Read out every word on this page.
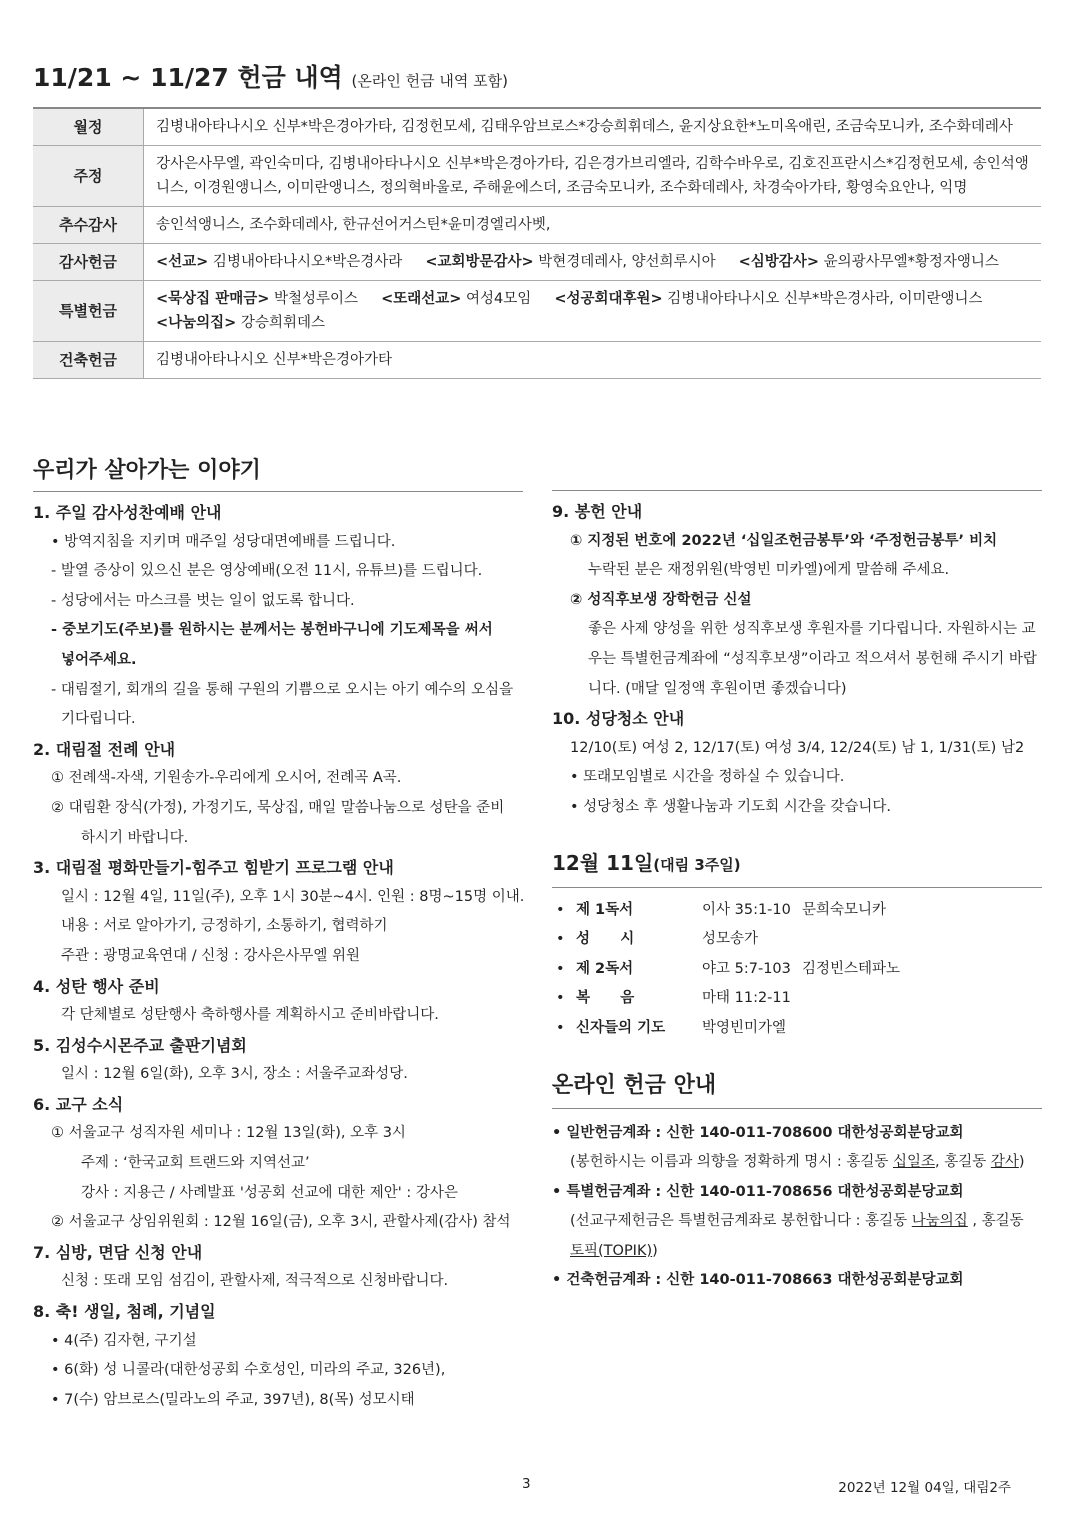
11/21 ~ 11/27 헌금 내역 (온라인 헌금 내역 포함)
월정	김병내아타나시오 신부*박은경아가타, 김정헌모세, 김태우암브로스*강승희휘데스, 윤지상요한*노미옥애린, 조금숙모니카, 조수화데레사
주정	강사은사무엘, 곽인숙미다, 김병내아타나시오 신부*박은경아가타, 김은경가브리엘라, 김학수바우로, 김호진프란시스*김정헌모세, 송인석앵니스, 이경원앵니스, 이미란앵니스, 정의혁바울로, 주해윤에스더, 조금숙모니카, 조수화데레사, 차경숙아가타, 황영숙요안나, 익명
추수감사	송인석앵니스, 조수화데레사, 한규선어거스틴*윤미경엘리사벳,
감사헌금	<선교> 김병내아타나시오*박은경사라 <교회방문감사> 박현경데레사, 양선희루시아 <심방감사> 윤의광사무엘*황정자앵니스
특별헌금	<묵상집 판매금> 박철성루이스 <또래선교> 여성4모임 <성공회대후원> 김병내아타나시오 신부*박은경사라, 이미란앵니스
<나눔의집> 강승희휘데스
건축헌금	김병내아타나시오 신부*박은경아가타
우리가 살아가는 이야기
1. 주일 감사성찬예배 안내
• 방역지침을 지키며 매주일 성당대면예배를 드립니다.
- 발열 증상이 있으신 분은 영상예배(오전 11시, 유튜브)를 드립니다.
- 성당에서는 마스크를 벗는 일이 없도록 합니다.
- 중보기도(주보)를 원하시는 분께서는 봉헌바구니에 기도제목을 써서
넣어주세요.
- 대림절기, 회개의 길을 통해 구원의 기쁨으로 오시는 아기 예수의 오심을
기다립니다.
2. 대림절 전례 안내
① 전례색-자색, 기원송가-우리에게 오시어, 전례곡 A곡.
② 대림환 장식(가정), 가정기도, 묵상집, 매일 말씀나눔으로 성탄을 준비
하시기 바랍니다.
3. 대림절 평화만들기-힘주고 힘받기 프로그램 안내
일시 : 12월 4일, 11일(주), 오후 1시 30분~4시. 인원 : 8명~15명 이내.
내용 : 서로 알아가기, 긍정하기, 소통하기, 협력하기
주관 : 광명교육연대 / 신청 : 강사은사무엘 위원
4. 성탄 행사 준비
각 단체별로 성탄행사 축하행사를 계획하시고 준비바랍니다.
5. 김성수시몬주교 출판기념회
일시 : 12월 6일(화), 오후 3시, 장소 : 서울주교좌성당.
6. 교구 소식
① 서울교구 성직자원 세미나 : 12월 13일(화), 오후 3시
주제 : ‘한국교회 트랜드와 지역선교’
강사 : 지용근 / 사례발표 '성공회 선교에 대한 제안' : 강사은
② 서울교구 상임위원회 : 12월 16일(금), 오후 3시, 관할사제(감사) 참석
7. 심방, 면담 신청 안내
신청 : 또래 모임 섬김이, 관할사제, 적극적으로 신청바랍니다.
8. 축! 생일, 첨례, 기념일
• 4(주) 김자현, 구기설
• 6(화) 성 니콜라(대한성공회 수호성인, 미라의 주교, 326년),
• 7(수) 암브로스(밀라노의 주교, 397년), 8(목) 성모시태
9. 봉헌 안내
① 지정된 번호에 2022년 ‘십일조헌금봉투’와 ‘주정헌금봉투’ 비치
누락된 분은 재정위원(박영빈 미카엘)에게 말씀해 주세요.
② 성직후보생 장학헌금 신설
좋은 사제 양성을 위한 성직후보생 후원자를 기다립니다. 자원하시는 교우는 특별헌금계좌에 “성직후보생”이라고 적으셔서 봉헌해 주시기 바랍니다. (매달 일정액 후원이면 좋겠습니다)
10. 성당청소 안내
12/10(토) 여성 2, 12/17(토) 여성 3/4, 12/24(토) 남 1, 1/31(토) 남2
• 또래모임별로 시간을 정하실 수 있습니다.
• 성당청소 후 생활나눔과 기도회 시간을 갖습니다.
12월 11일(대림 3주일)
• 제 1독서	이사 35:1-10 문희숙모니카
• 성      시	성모송가
• 제 2독서	야고 5:7-103 김정빈스테파노
• 복      음	마태 11:2-11
• 신자들의 기도	박영빈미가엘
온라인 헌금 안내
• 일반헌금계좌 : 신한 140-011-708600 대한성공회분당교회
(봉헌하시는 이름과 의향을 정확하게 명시 : 홍길동 십일조, 홍길동 감사)
• 특별헌금계좌 : 신한 140-011-708656 대한성공회분당교회
(선교구제헌금은 특별헌금계좌로 봉헌합니다 : 홍길동 나눔의집 , 홍길동 토픽(TOPIK))
• 건축헌금계좌 : 신한 140-011-708663 대한성공회분당교회
3	2022년 12월 04일, 대림2주
